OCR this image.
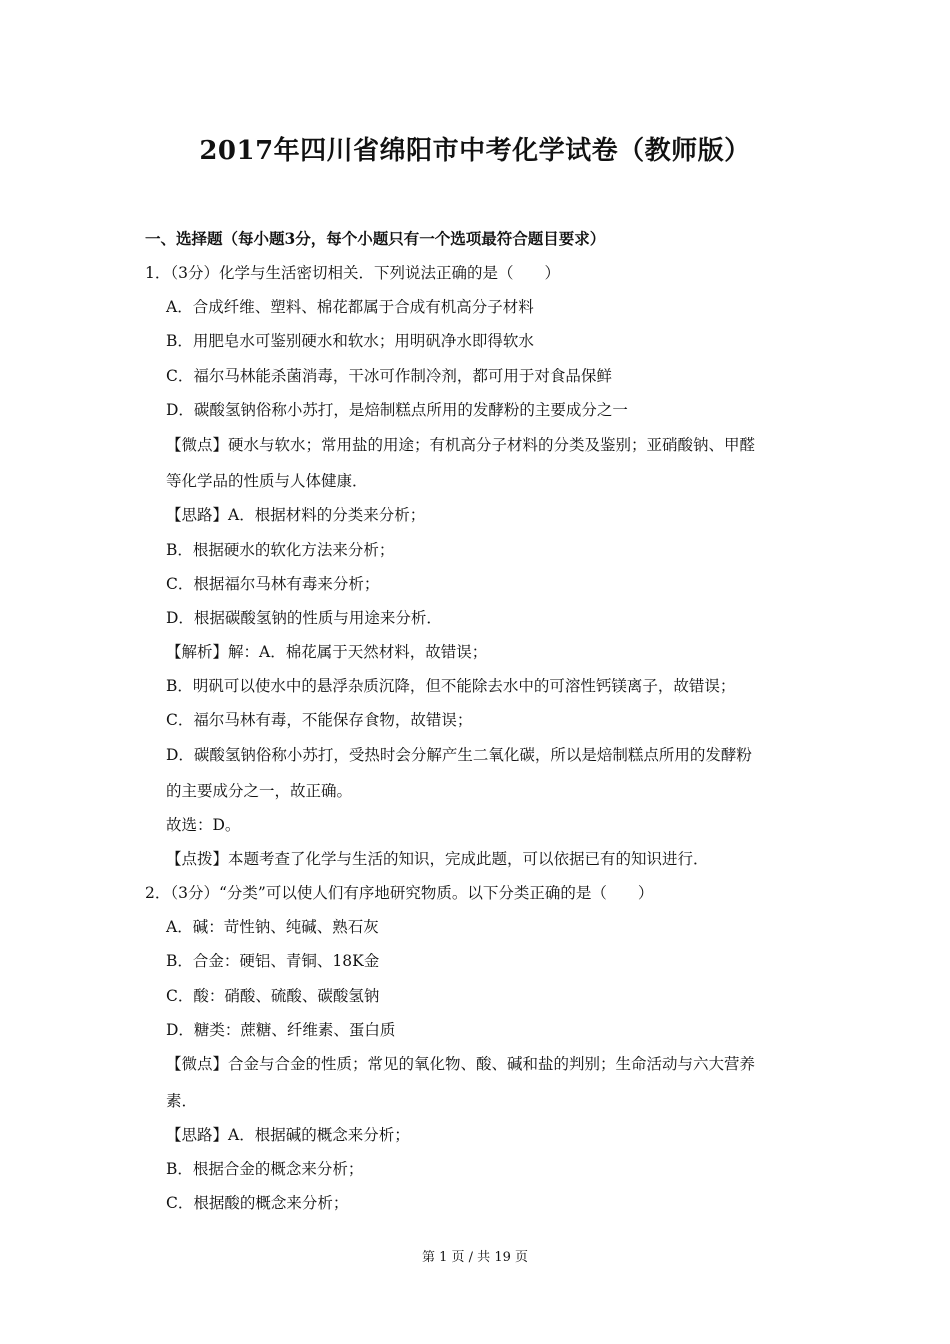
2017年四川省绵阳市中考化学试卷（教师版）
一、选择题（每小题3分，每个小题只有一个选项最符合题目要求）
1．（3分）化学与生活密切相关．下列说法正确的是（　　）
A．合成纤维、塑料、棉花都属于合成有机高分子材料
B．用肥皂水可鉴别硬水和软水；用明矾净水即得软水
C．福尔马林能杀菌消毒，干冰可作制冷剂，都可用于对食品保鲜
D．碳酸氢钠俗称小苏打，是焙制糕点所用的发酵粉的主要成分之一
【微点】硬水与软水；常用盐的用途；有机高分子材料的分类及鉴别；亚硝酸钠、甲醛
等化学品的性质与人体健康．
【思路】A．根据材料的分类来分析；
B．根据硬水的软化方法来分析；
C．根据福尔马林有毒来分析；
D．根据碳酸氢钠的性质与用途来分析．
【解析】解：A．棉花属于天然材料，故错误；
B．明矾可以使水中的悬浮杂质沉降，但不能除去水中的可溶性钙镁离子，故错误；
C．福尔马林有毒，不能保存食物，故错误；
D．碳酸氢钠俗称小苏打，受热时会分解产生二氧化碳，所以是焙制糕点所用的发酵粉
的主要成分之一，故正确。
故选：D。
【点拨】本题考查了化学与生活的知识，完成此题，可以依据已有的知识进行．
2．（3分）“分类”可以使人们有序地研究物质。以下分类正确的是（　　）
A．碱：苛性钠、纯碱、熟石灰
B．合金：硬铝、青铜、18K金
C．酸：硝酸、硫酸、碳酸氢钠
D．糖类：蔗糖、纤维素、蛋白质
【微点】合金与合金的性质；常见的氧化物、酸、碱和盐的判别；生命活动与六大营养
素．
【思路】A．根据碱的概念来分析；
B．根据合金的概念来分析；
C．根据酸的概念来分析；
第 1 页 / 共 19 页
